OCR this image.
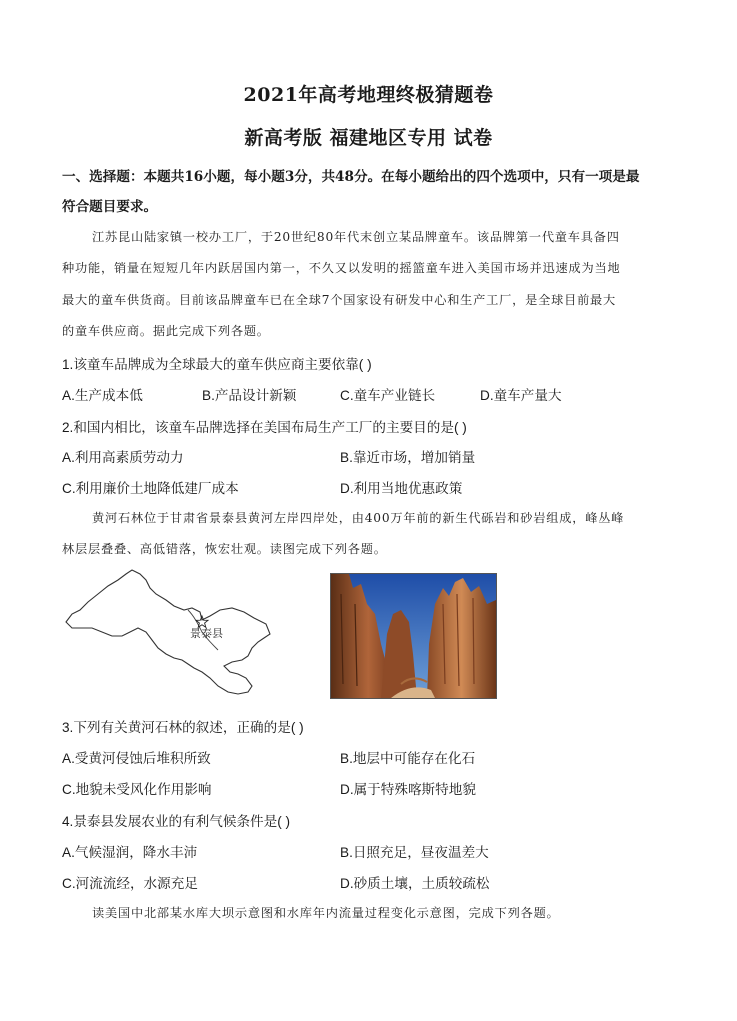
2021年高考地理终极猜题卷
新高考版 福建地区专用 试卷
一、选择题：本题共16小题，每小题3分，共48分。在每小题给出的四个选项中，只有一项是最
符合题目要求。
江苏昆山陆家镇一校办工厂，于20世纪80年代末创立某品牌童车。该品牌第一代童车具备四
种功能，销量在短短几年内跃居国内第一，不久又以发明的摇篮童车进入美国市场并迅速成为当地
最大的童车供货商。目前该品牌童车已在全球7个国家设有研发中心和生产工厂，是全球目前最大
的童车供应商。据此完成下列各题。
1.该童车品牌成为全球最大的童车供应商主要依靠( )
A.生产成本低	B.产品设计新颖	C.童车产业链长	D.童车产量大
2.和国内相比，该童车品牌选择在美国布局生产工厂的主要目的是( )
A.利用高素质劳动力	B.靠近市场，增加销量
C.利用廉价土地降低建厂成本	D.利用当地优惠政策
黄河石林位于甘肃省景泰县黄河左岸四岸处，由400万年前的新生代砾岩和砂岩组成，峰丛峰
林层层叠叠、高低错落，恢宏壮观。读图完成下列各题。
景泰县
3.下列有关黄河石林的叙述，正确的是( )
A.受黄河侵蚀后堆积所致	B.地层中可能存在化石
C.地貌未受风化作用影响	D.属于特殊喀斯特地貌
4.景泰县发展农业的有利气候条件是( )
A.气候湿润，降水丰沛	B.日照充足，昼夜温差大
C.河流流经，水源充足	D.砂质土壤，土质较疏松
读美国中北部某水库大坝示意图和水库年内流量过程变化示意图，完成下列各题。
